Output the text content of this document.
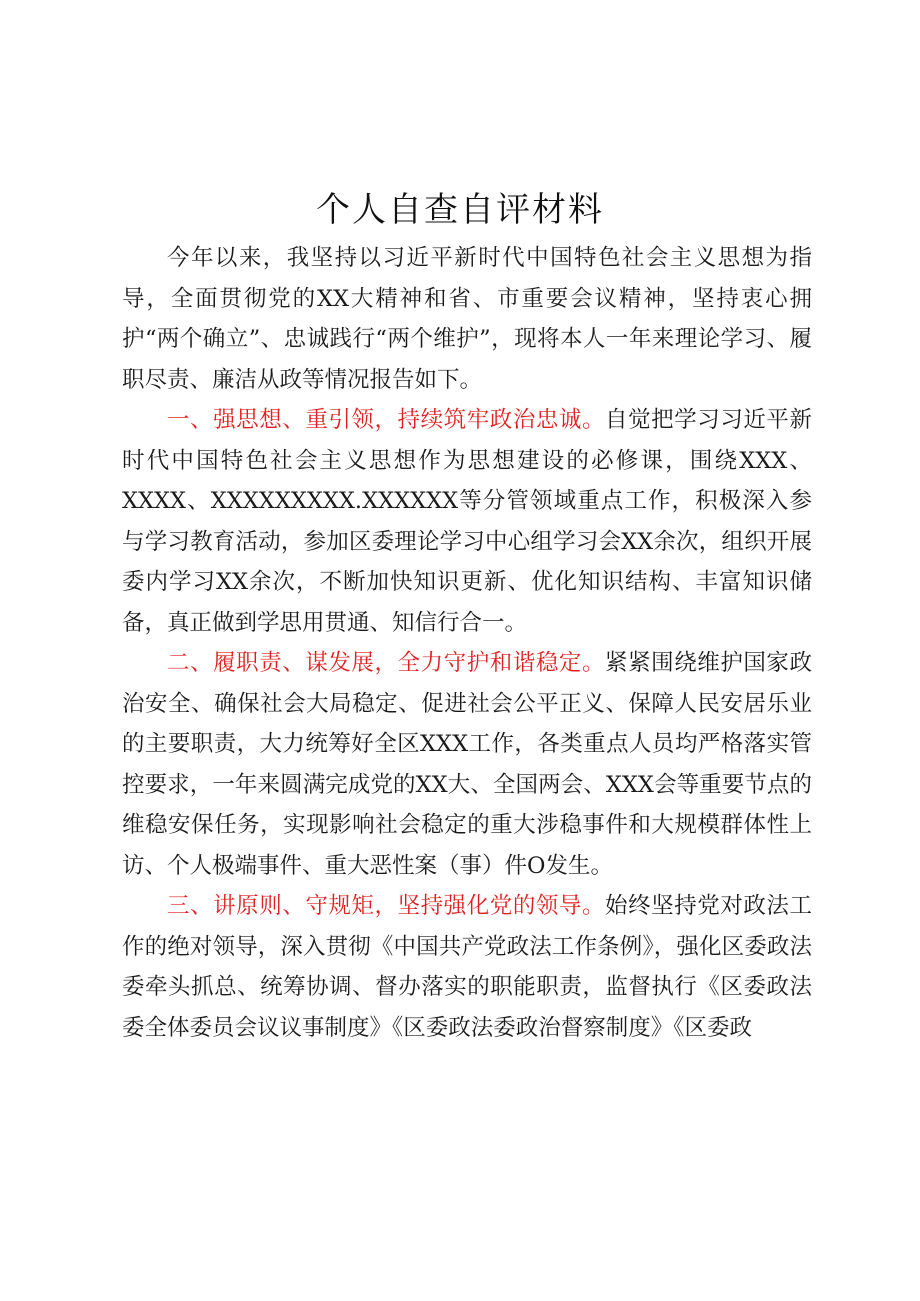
个人自查自评材料

今年以来，我坚持以习近平新时代中国特色社会主义思想为指导，全面贯彻党的XX大精神和省、市重要会议精神，坚持衷心拥护“两个确立”、忠诚践行“两个维护”，现将本人一年来理论学习、履职尽责、廉洁从政等情况报告如下。

一、强思想、重引领，持续筑牢政治忠诚。自觉把学习习近平新时代中国特色社会主义思想作为思想建设的必修课，围绕XXX、XXXX、XXXXXXXXX.XXXXXX等分管领域重点工作，积极深入参与学习教育活动，参加区委理论学习中心组学习会XX余次，组织开展委内学习XX余次，不断加快知识更新、优化知识结构、丰富知识储备，真正做到学思用贯通、知信行合一。

二、履职责、谋发展，全力守护和谐稳定。紧紧围绕维护国家政治安全、确保社会大局稳定、促进社会公平正义、保障人民安居乐业的主要职责，大力统筹好全区XXX工作，各类重点人员均严格落实管控要求，一年来圆满完成党的XX大、全国两会、XXX会等重要节点的维稳安保任务，实现影响社会稳定的重大涉稳事件和大规模群体性上访、个人极端事件、重大恶性案（事）件O发生。

三、讲原则、守规矩，坚持强化党的领导。始终坚持党对政法工作的绝对领导，深入贯彻《中国共产党政法工作条例》，强化区委政法委牵头抓总、统筹协调、督办落实的职能职责，监督执行《区委政法委全体委员会议议事制度》《区委政法委政治督察制度》《区委政
